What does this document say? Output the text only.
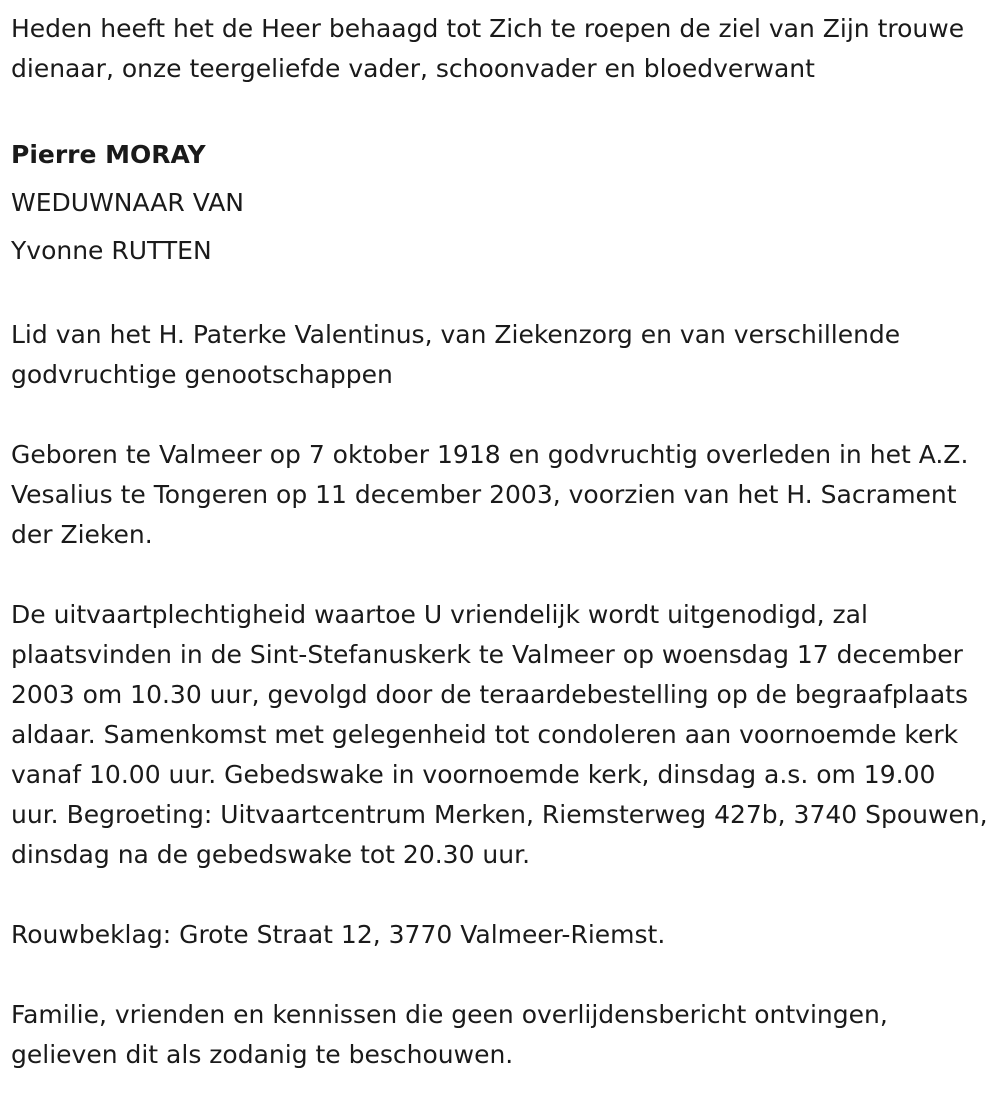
Heden heeft het de Heer behaagd tot Zich te roepen de ziel van Zijn trouwe dienaar, onze teergeliefde vader, schoonvader en bloedverwant

Pierre MORAY

WEDUWNAAR VAN

Yvonne RUTTEN

Lid van het H. Paterke Valentinus, van Ziekenzorg en van verschillende godvruchtige genootschappen

Geboren te Valmeer op 7 oktober 1918 en godvruchtig overleden in het A.Z. Vesalius te Tongeren op 11 december 2003, voorzien van het H. Sacrament der Zieken.

De uitvaartplechtigheid waartoe U vriendelijk wordt uitgenodigd, zal plaatsvinden in de Sint-Stefanuskerk te Valmeer op woensdag 17 december 2003 om 10.30 uur, gevolgd door de teraardebestelling op de begraafplaats aldaar. Samenkomst met gelegenheid tot condoleren aan voornoemde kerk vanaf 10.00 uur. Gebedswake in voornoemde kerk, dinsdag a.s. om 19.00 uur. Begroeting: Uitvaartcentrum Merken, Riemsterweg 427b, 3740 Spouwen, dinsdag na de gebedswake tot 20.30 uur.

Rouwbeklag: Grote Straat 12, 3770 Valmeer-Riemst.

Familie, vrienden en kennissen die geen overlijdensbericht ontvingen, gelieven dit als zodanig te beschouwen.
